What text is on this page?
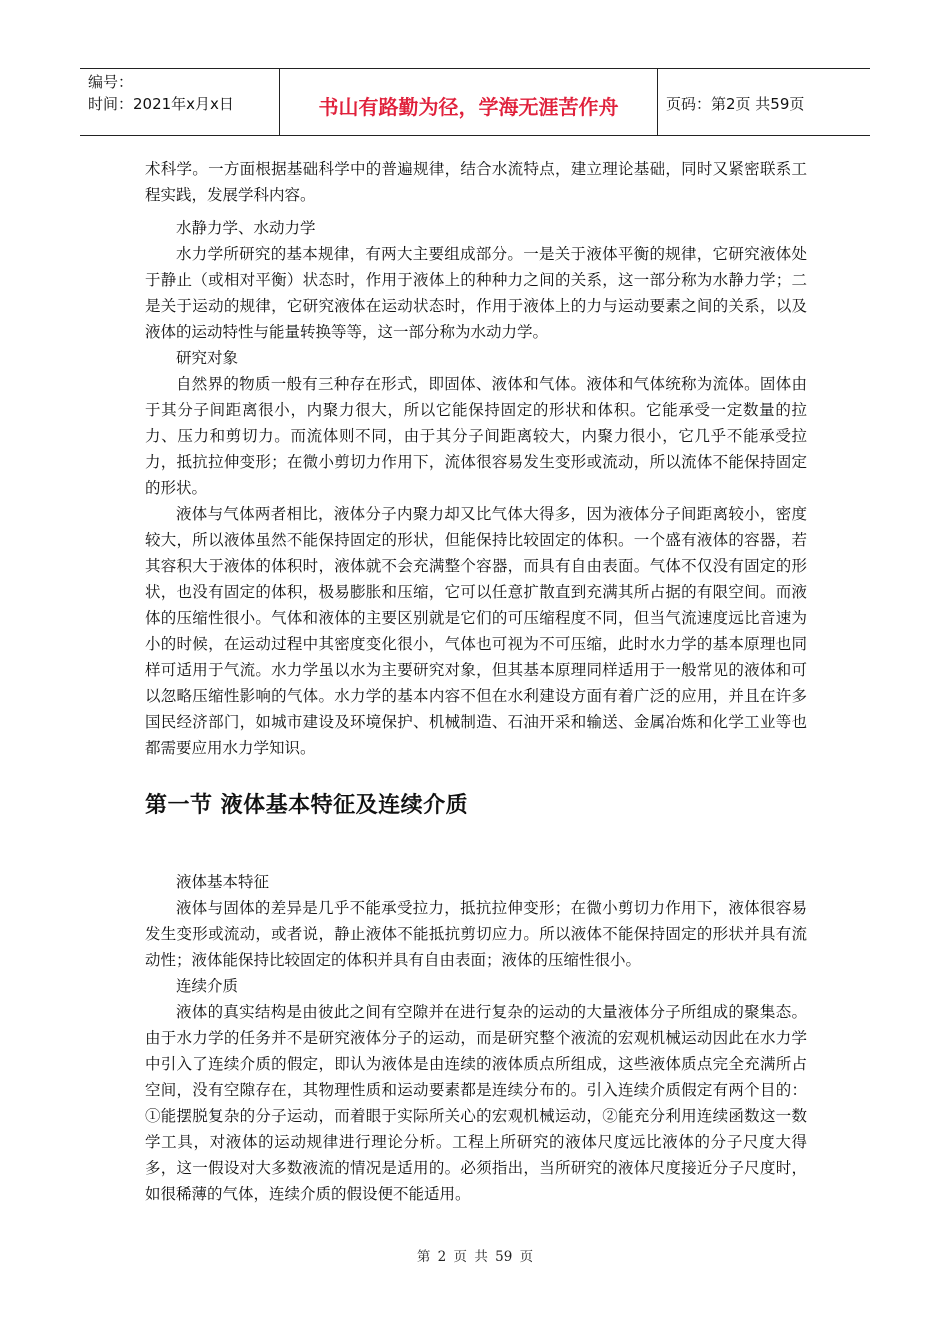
编号：
时间：2021年x月x日	书山有路勤为径，学海无涯苦作舟	页码：第2页 共59页

术科学。一方面根据基础科学中的普遍规律，结合水流特点，建立理论基础，同时又紧密联系工程实践，发展学科内容。

水静力学、水动力学

水力学所研究的基本规律，有两大主要组成部分。一是关于液体平衡的规律，它研究液体处于静止（或相对平衡）状态时，作用于液体上的种种力之间的关系，这一部分称为水静力学；二是关于运动的规律，它研究液体在运动状态时，作用于液体上的力与运动要素之间的关系，以及液体的运动特性与能量转换等等，这一部分称为水动力学。

研究对象

自然界的物质一般有三种存在形式，即固体、液体和气体。液体和气体统称为流体。固体由于其分子间距离很小，内聚力很大，所以它能保持固定的形状和体积。它能承受一定数量的拉力、压力和剪切力。而流体则不同，由于其分子间距离较大，内聚力很小，它几乎不能承受拉力，抵抗拉伸变形；在微小剪切力作用下，流体很容易发生变形或流动，所以流体不能保持固定的形状。

液体与气体两者相比，液体分子内聚力却又比气体大得多，因为液体分子间距离较小，密度较大，所以液体虽然不能保持固定的形状，但能保持比较固定的体积。一个盛有液体的容器，若其容积大于液体的体积时，液体就不会充满整个容器，而具有自由表面。气体不仅没有固定的形状，也没有固定的体积，极易膨胀和压缩，它可以任意扩散直到充满其所占据的有限空间。而液体的压缩性很小。气体和液体的主要区别就是它们的可压缩程度不同，但当气流速度远比音速为小的时候，在运动过程中其密度变化很小，气体也可视为不可压缩，此时水力学的基本原理也同样可适用于气流。水力学虽以水为主要研究对象，但其基本原理同样适用于一般常见的液体和可以忽略压缩性影响的气体。水力学的基本内容不但在水利建设方面有着广泛的应用，并且在许多国民经济部门，如城市建设及环境保护、机械制造、石油开采和输送、金属冶炼和化学工业等也都需要应用水力学知识。

第一节 液体基本特征及连续介质

液体基本特征

液体与固体的差异是几乎不能承受拉力，抵抗拉伸变形；在微小剪切力作用下，液体很容易发生变形或流动，或者说，静止液体不能抵抗剪切应力。所以液体不能保持固定的形状并具有流动性；液体能保持比较固定的体积并具有自由表面；液体的压缩性很小。

连续介质

液体的真实结构是由彼此之间有空隙并在进行复杂的运动的大量液体分子所组成的聚集态。由于水力学的任务并不是研究液体分子的运动，而是研究整个液流的宏观机械运动因此在水力学中引入了连续介质的假定，即认为液体是由连续的液体质点所组成，这些液体质点完全充满所占空间，没有空隙存在，其物理性质和运动要素都是连续分布的。引入连续介质假定有两个目的：①能摆脱复杂的分子运动，而着眼于实际所关心的宏观机械运动，②能充分利用连续函数这一数学工具，对液体的运动规律进行理论分析。工程上所研究的液体尺度远比液体的分子尺度大得多，这一假设对大多数液流的情况是适用的。必须指出，当所研究的液体尺度接近分子尺度时，如很稀薄的气体，连续介质的假设便不能适用。

第 2 页 共 59 页
